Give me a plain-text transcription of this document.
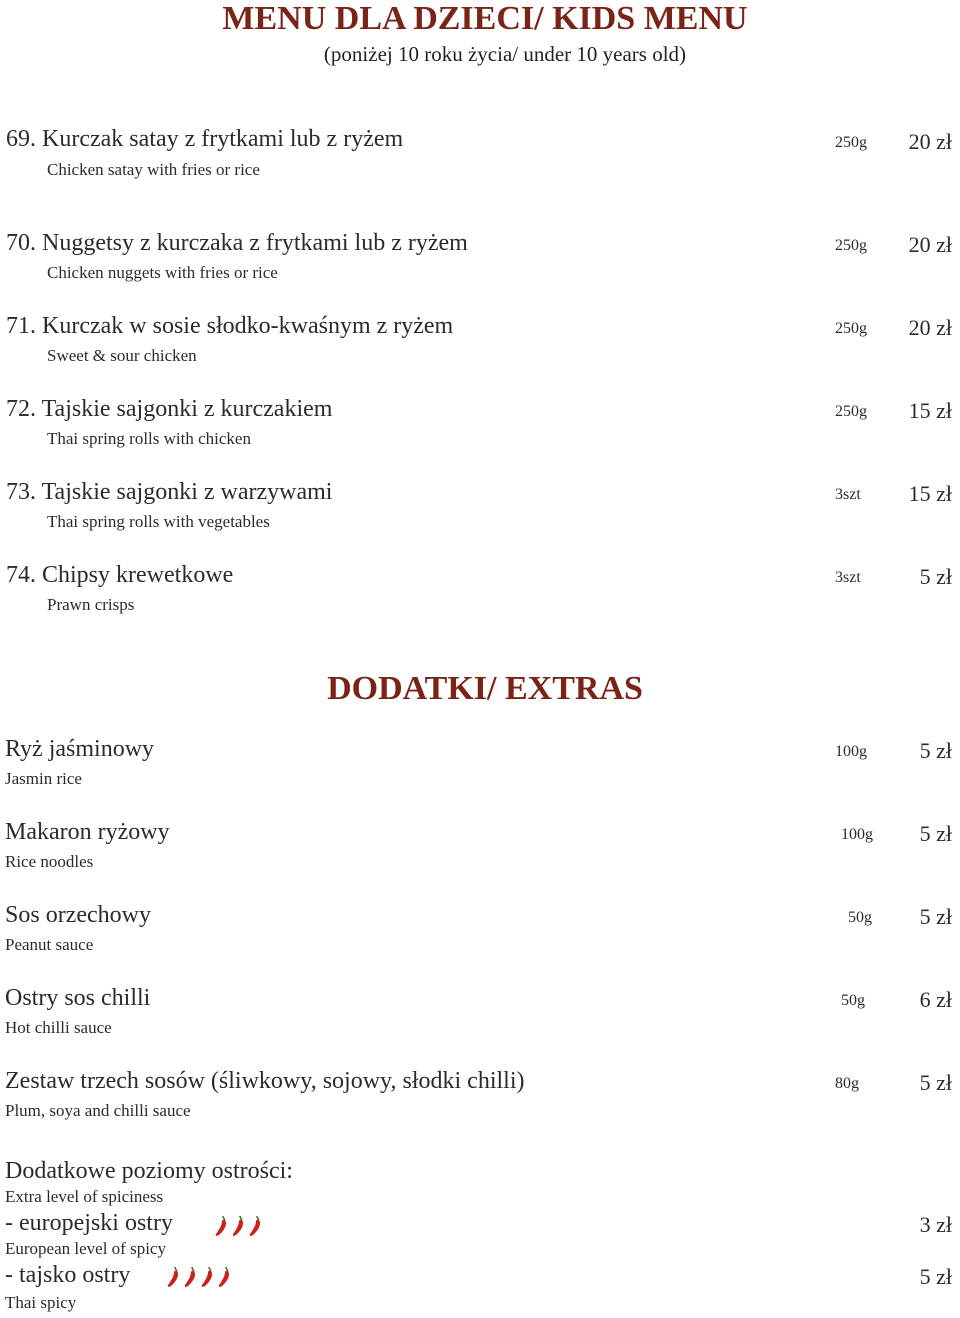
MENU DLA DZIECI/ KIDS MENU
(poniżej 10 roku życia/ under 10 years old)
69. Kurczak satay z frytkami lub z ryżem
Chicken satay with fries or rice
250g 20 zł
70. Nuggetsy z kurczaka z frytkami lub z ryżem
Chicken nuggets with fries or rice
250g 20 zł
71. Kurczak w sosie słodko-kwaśnym z ryżem
Sweet & sour chicken
250g 20 zł
72. Tajskie sajgonki z kurczakiem
Thai spring rolls with chicken
250g 15 zł
73. Tajskie sajgonki z warzywami
Thai spring rolls with vegetables
3szt 15 zł
74. Chipsy krewetkowe
Prawn crisps
3szt	5 zł
DODATKI/ EXTRAS
Ryż jaśminowy
Jasmin rice
100g 5 zł
Makaron ryżowy
Rice noodles
100g 5 zł
Sos orzechowy
Peanut sauce
50g 5 zł
Ostry sos chilli
Hot chilli sauce
50g 6 zł
Zestaw trzech sosów (śliwkowy, sojowy, słodki chilli)
Plum, soya and chilli sauce
80g	5 zł
Dodatkowe poziomy ostrości:
Extra level of spiciness
- europejski ostry
European level of spicy
3 zł
- tajsko ostry
Thai spicy
5 zł
